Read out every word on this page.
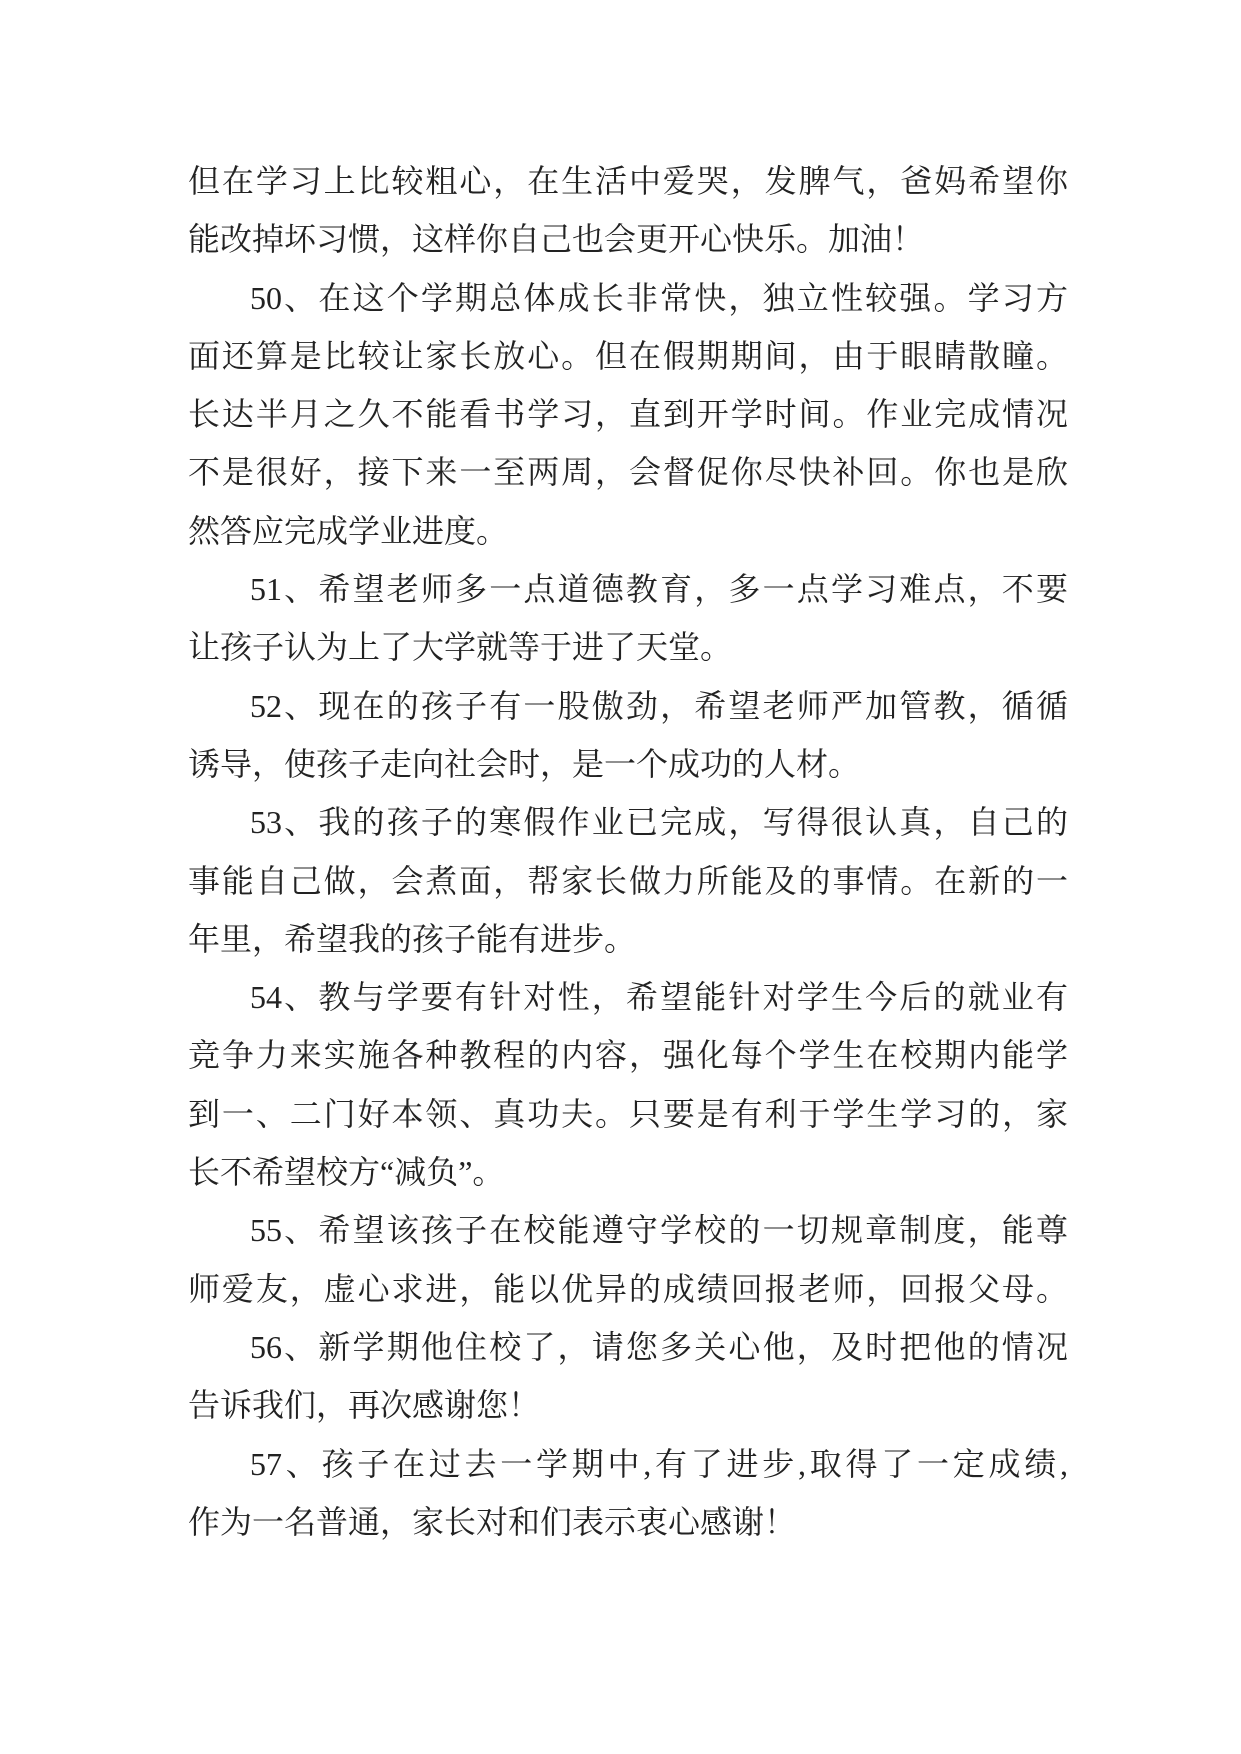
但在学习上比较粗心，在生活中爱哭，发脾气，爸妈希望你
能改掉坏习惯，这样你自己也会更开心快乐。加油！
50、在这个学期总体成长非常快，独立性较强。学习方
面还算是比较让家长放心。但在假期期间，由于眼睛散瞳。
长达半月之久不能看书学习，直到开学时间。作业完成情况
不是很好，接下来一至两周，会督促你尽快补回。你也是欣
然答应完成学业进度。
51、希望老师多一点道德教育，多一点学习难点，不要
让孩子认为上了大学就等于进了天堂。
52、现在的孩子有一股傲劲，希望老师严加管教，循循
诱导，使孩子走向社会时，是一个成功的人材。
53、我的孩子的寒假作业已完成，写得很认真，自己的
事能自己做，会煮面，帮家长做力所能及的事情。在新的一
年里，希望我的孩子能有进步。
54、教与学要有针对性，希望能针对学生今后的就业有
竞争力来实施各种教程的内容，强化每个学生在校期内能学
到一、二门好本领、真功夫。只要是有利于学生学习的，家
长不希望校方“减负”。
55、希望该孩子在校能遵守学校的一切规章制度，能尊
师爱友，虚心求进，能以优异的成绩回报老师，回报父母。
56、新学期他住校了，请您多关心他，及时把他的情况
告诉我们，再次感谢您！
57、孩子在过去一学期中,有了进步,取得了一定成绩,
作为一名普通，家长对和们表示衷心感谢！
